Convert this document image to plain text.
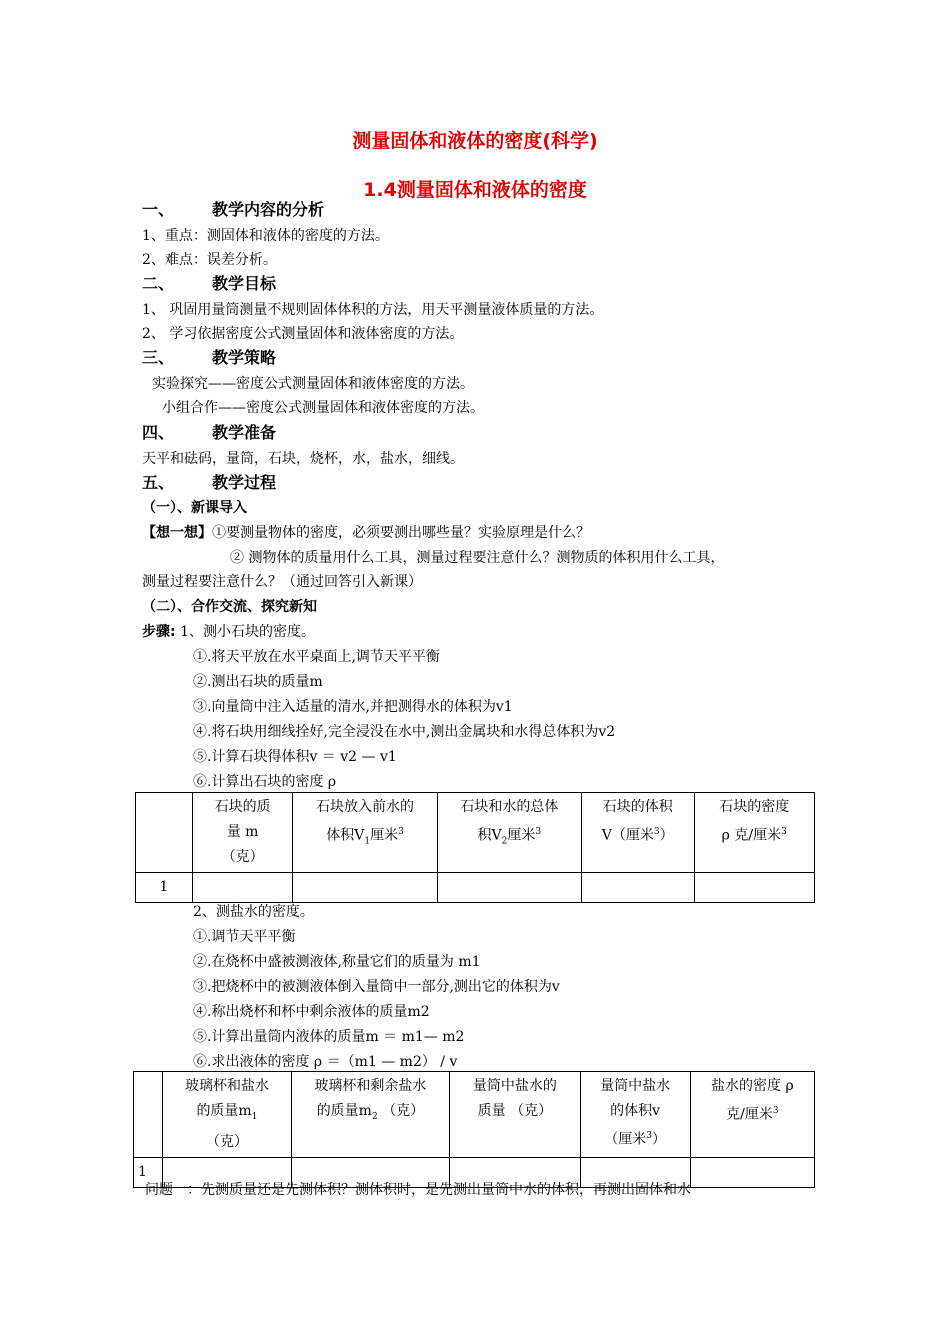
测量固体和液体的密度(科学)
1.4测量固体和液体的密度
一、 教学内容的分析
1、重点：测固体和液体的密度的方法。
2、难点：误差分析。
二、 教学目标
1、 巩固用量筒测量不规则固体体积的方法，用天平测量液体质量的方法。
2、 学习依据密度公式测量固体和液体密度的方法。
三、 教学策略
实验探究——密度公式测量固体和液体密度的方法。
小组合作——密度公式测量固体和液体密度的方法。
四、 教学准备
天平和砝码，量筒，石块，烧杯，水，盐水，细线。
五、 教学过程
（一）、新课导入
【想一想】①要测量物体的密度，必须要测出哪些量？实验原理是什么？
② 测物体的质量用什么工具，测量过程要注意什么？测物质的体积用什么工具，
测量过程要注意什么？（通过回答引入新课）
（二）、合作交流、探究新知
步骤: 1、测小石块的密度。
①.将天平放在水平桌面上,调节天平平衡
②.测出石块的质量m
③.向量筒中注入适量的清水,并把测得水的体积为v1
④.将石块用细线拴好,完全浸没在水中,测出金属块和水得总体积为v2
⑤.计算石块得体积v ＝ v2 — v1
⑥.计算出石块的密度 ρ
	石块的质
量 m
（克）	石块放入前水的
体积$V_1$厘米$^3$	石块和水的总体
积$V_2$厘米$^3$	石块的体积
V（厘米$^3$）	石块的密度
ρ 克/厘米$^3$
1					
2、测盐水的密度。
①.调节天平平衡
②.在烧杯中盛被测液体,称量它们的质量为 m1
③.把烧杯中的被测液体倒入量筒中一部分,测出它的体积为v
④.称出烧杯和杯中剩余液体的质量m2
⑤.计算出量筒内液体的质量m ＝ m1— m2
⑥.求出液体的密度 ρ ＝（m1 — m2） / v
	玻璃杯和盐水
的质量$m_1$
（克）	玻璃杯和剩余盐水
的质量$m_2$ （克）	量筒中盐水的
质量 （克）	量筒中盐水
的体积v
（厘米$^3$）	盐水的密度 ρ
克/厘米$^3$
1					
问题一：先测质量还是先测体积？测体积时，是先测出量筒中水的体积，再测出固体和水
